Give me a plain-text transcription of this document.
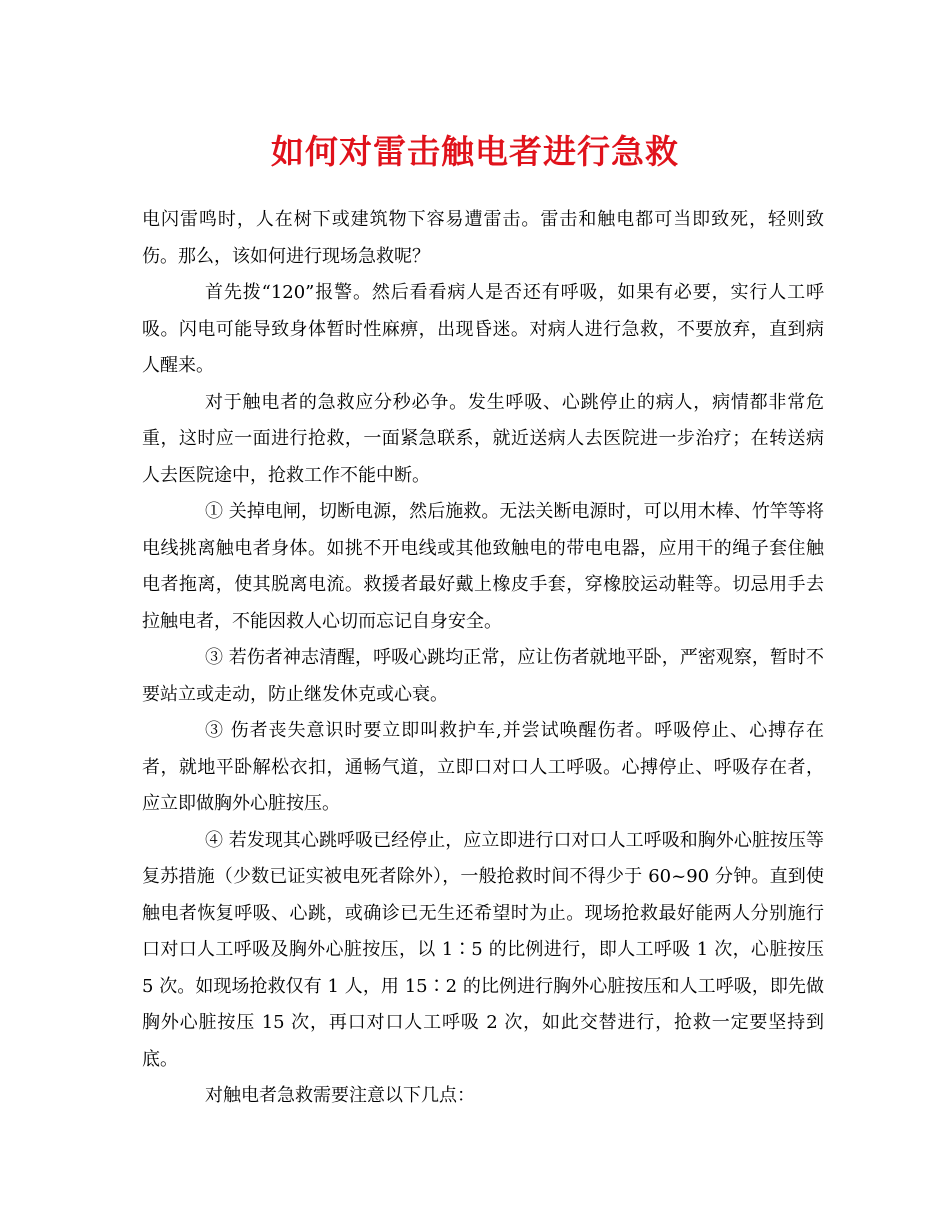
如何对雷击触电者进行急救

电闪雷鸣时，人在树下或建筑物下容易遭雷击。雷击和触电都可当即致死，轻则致伤。那么，该如何进行现场急救呢？

首先拨“120”报警。然后看看病人是否还有呼吸，如果有必要，实行人工呼吸。闪电可能导致身体暂时性麻痹，出现昏迷。对病人进行急救，不要放弃，直到病人醒来。

对于触电者的急救应分秒必争。发生呼吸、心跳停止的病人，病情都非常危重，这时应一面进行抢救，一面紧急联系，就近送病人去医院进一步治疗；在转送病人去医院途中，抢救工作不能中断。

① 关掉电闸，切断电源，然后施救。无法关断电源时，可以用木棒、竹竿等将电线挑离触电者身体。如挑不开电线或其他致触电的带电电器，应用干的绳子套住触电者拖离，使其脱离电流。救援者最好戴上橡皮手套，穿橡胶运动鞋等。切忌用手去拉触电者，不能因救人心切而忘记自身安全。

③ 若伤者神志清醒，呼吸心跳均正常，应让伤者就地平卧，严密观察，暂时不要站立或走动，防止继发休克或心衰。

③ 伤者丧失意识时要立即叫救护车,并尝试唤醒伤者。呼吸停止、心搏存在者，就地平卧解松衣扣，通畅气道，立即口对口人工呼吸。心搏停止、呼吸存在者，应立即做胸外心脏按压。

④ 若发现其心跳呼吸已经停止，应立即进行口对口人工呼吸和胸外心脏按压等复苏措施（少数已证实被电死者除外），一般抢救时间不得少于 60~90 分钟。直到使触电者恢复呼吸、心跳，或确诊已无生还希望时为止。现场抢救最好能两人分别施行口对口人工呼吸及胸外心脏按压，以 1∶5 的比例进行，即人工呼吸 1 次，心脏按压 5 次。如现场抢救仅有 1 人，用 15∶2 的比例进行胸外心脏按压和人工呼吸，即先做胸外心脏按压 15 次，再口对口人工呼吸 2 次，如此交替进行，抢救一定要坚持到底。

对触电者急救需要注意以下几点：
